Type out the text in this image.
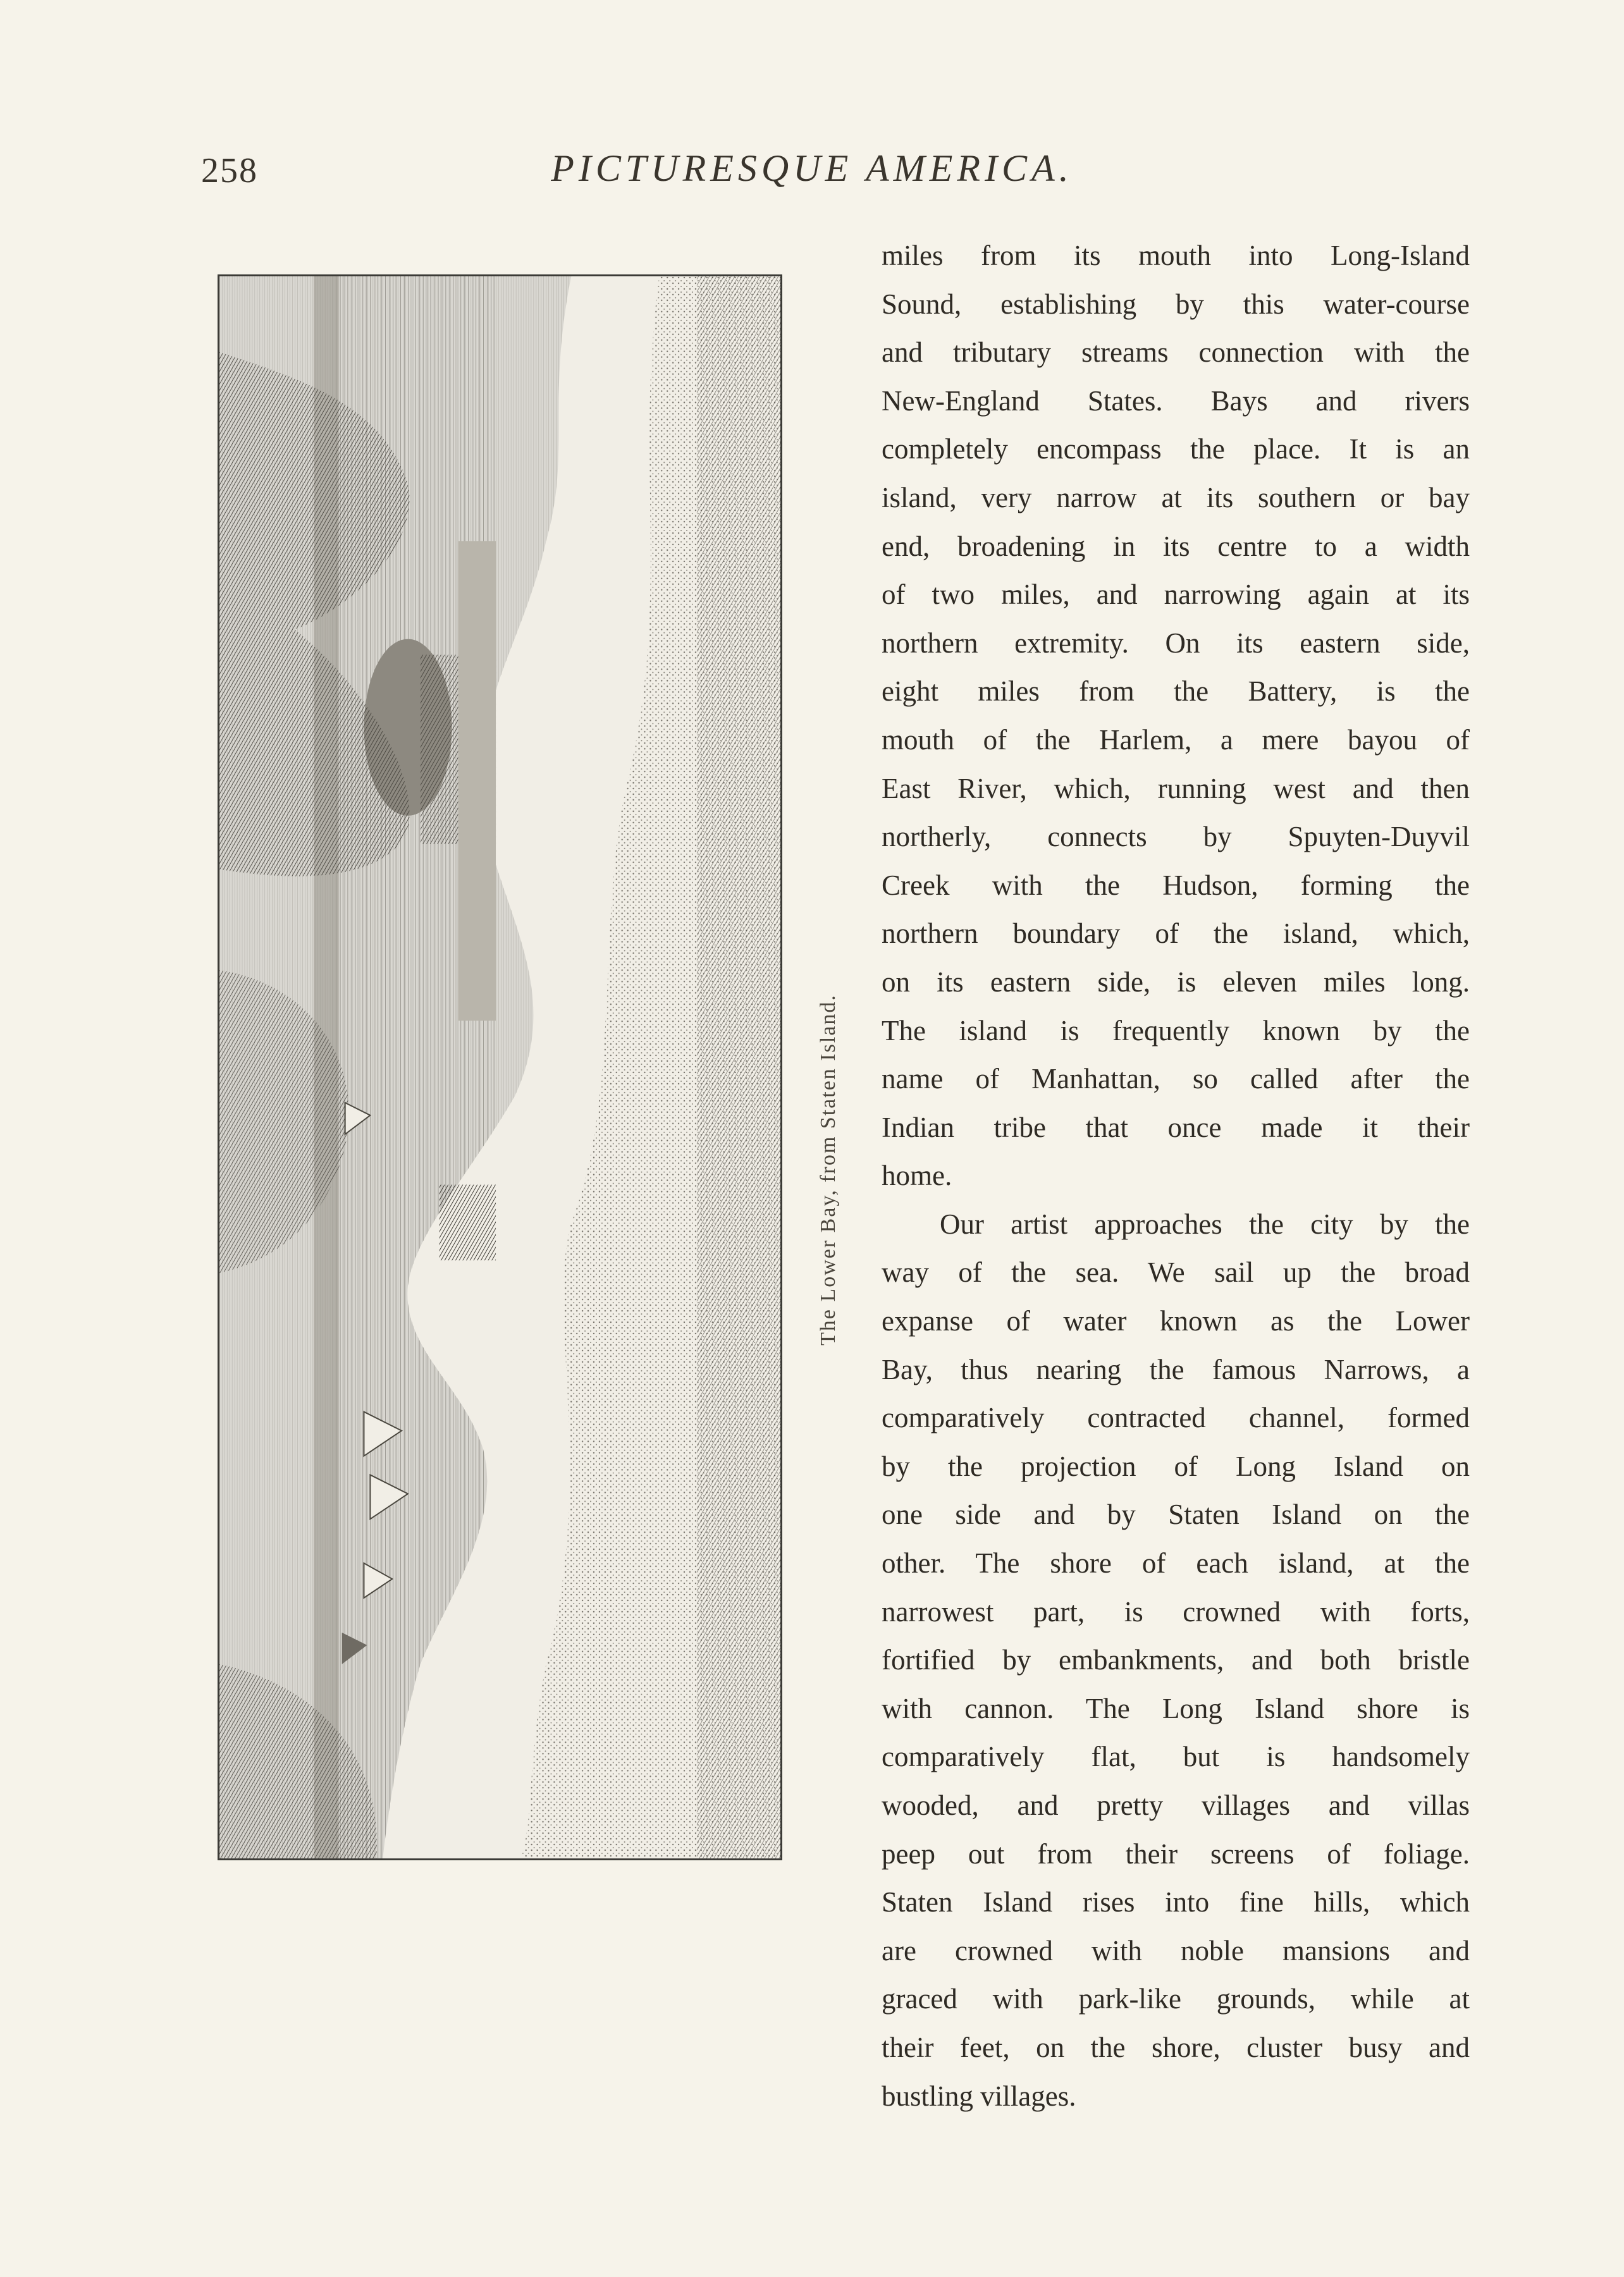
258	PICTURESQUE AMERICA.
The Lower Bay, from Staten Island.

miles from its mouth into Long-Island
Sound, establishing by this water-course
and tributary streams connection with the
New-England States. Bays and rivers
completely encompass the place. It is an
island, very narrow at its southern or bay
end, broadening in its centre to a width
of two miles, and narrowing again at its
northern extremity. On its eastern side,
eight miles from the Battery, is the
mouth of the Harlem, a mere bayou of
East River, which, running west and then
northerly, connects by Spuyten-Duyvil
Creek with the Hudson, forming the
northern boundary of the island, which,
on its eastern side, is eleven miles long.
The island is frequently known by the
name of Manhattan, so called after the
Indian tribe that once made it their
home.

Our artist approaches the city by the
way of the sea. We sail up the broad
expanse of water known as the Lower
Bay, thus nearing the famous Narrows, a
comparatively contracted channel, formed
by the projection of Long Island on
one side and by Staten Island on the
other. The shore of each island, at the
narrowest part, is crowned with forts,
fortified by embankments, and both bristle
with cannon. The Long Island shore is
comparatively flat, but is handsomely
wooded, and pretty villages and villas
peep out from their screens of foliage.
Staten Island rises into fine hills, which
are crowned with noble mansions and
graced with park-like grounds, while at
their feet, on the shore, cluster busy and
bustling villages.
